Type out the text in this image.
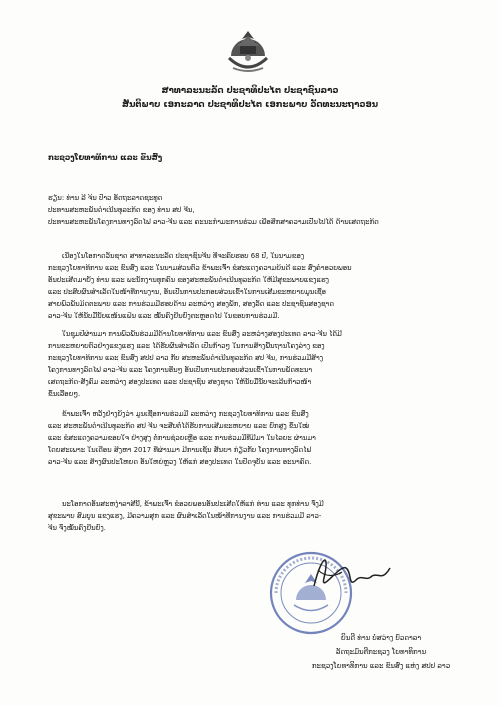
ສາທາລະນະລັດ ປະຊາທິປະໄຕ ປະຊາຊົນລາວ
ສັນຕິພາບ ເອກະລາດ ປະຊາທິປະໄຕ ເອກະພາບ ວັດທະນະຖາວອນ
ກະຊວງໂຍທາທິການ ແລະ ຂົນສົ່ງ
ຮຽນ: ທ່ານ ລີ ຈິນ ປ້າວ ອັດຖະລາດຊະທູດ
ປະທານສະຫະພັນດຳເນີນທຸລະກິດ ຂອງ ທ່ານ ສປ ຈີນ,
ປະທານສະຫະພັນໂຄງການທາງລົດໄຟ ລາວ-ຈີນ ແລະ ຄະນະກຳມະການຮ່ວມ ເພື່ອສຶກສາຄວາມເປັນໄປໄດ້ ດ້ານເສດຖະກິດ
ເນື່ອງໃນໂອກາດວັນຊາດ ສາທາລະນະລັດ ປະຊາຊົນຈີນ ທີ່ຈະຄົບຮອບ 68 ປີ, ໃນນາມຂອງ
ກະຊວງໂຍທາທິການ ແລະ ຂົນສົ່ງ ແລະ ໃນນາມສ່ວນຕົວ ຂ້າພະເຈົ້າ ຂໍສະແດງຄວາມຍິນດີ ແລະ ສົ່ງຄຳອວຍພອນ
ອັນປະເສີດມາຍັງ ທ່ານ ແລະ ພະນັກງານທຸກຄົນ ຂອງສະຫະພັນດຳເນີນທຸລະກິດ ໃຫ້ມີສຸຂະພາບແຂງແຮງ
ແລະ ປະສົບຜົນສຳເລັດໃນໜ້າທີ່ການງານ, ອັນເປັນການປະກອບສ່ວນເຂົ້າໃນການເສີມຂະຫຍາຍມູນເຊື້ອ
ສາຍພົວພັນມິດຕະພາບ ແລະ ການຮ່ວມມືຮອບດ້ານ ລະຫວ່າງ ສອງພັກ, ສອງລັດ ແລະ ປະຊາຊົນສອງຊາດ
ລາວ-ຈີນ ໃຫ້ນັບມື້ນັບແໜ້ນແຟ້ນ ແລະ ໝັ້ນຄົງຍືນຍົງຕະຫຼອດໄປ ໃນຂອບການຮ່ວມມື.
ໃນຊຸມປີຜ່ານມາ ການພົວພັນຮ່ວມມືດ້ານໂຍທາທິການ ແລະ ຂົນສົ່ງ ລະຫວ່າງສອງປະເທດ ລາວ-ຈີນ ໄດ້ມີ
ການຂະຫຍາຍຕົວຢ່າງແຂງແຮງ ແລະ ໄດ້ຮັບຜົນສຳເລັດ ເປັນກ້າວໆ ໃນການສ້າງພື້ນຖານໂຄງລ່າງ ຂອງ
ກະຊວງໂຍທາທິການ ແລະ ຂົນສົ່ງ ສປປ ລາວ ກັບ ສະຫະພັນດຳເນີນທຸລະກິດ ສປ ຈີນ, ການຮ່ວມມືສ້າງ
ໂຄງການທາງລົດໄຟ ລາວ-ຈີນ ແລະ ໂຄງການອື່ນໆ ອັນເປັນການປະກອບສ່ວນເຂົ້າໃນການພັດທະນາ
ເສດຖະກິດ-ສັງຄົມ ລະຫວ່າງ ສອງປະເທດ ແລະ ປະຊາຊົນ ສອງຊາດ ໃຫ້ນັບມື້ນັບຈະເລີນກ້າວໜ້າ
ຂຶ້ນເລື້ອຍໆ.
ຂ້າພະເຈົ້າ ຫວັງຢ່າງຍິ່ງວ່າ ມູນເຊື້ອການຮ່ວມມື ລະຫວ່າງ ກະຊວງໂຍທາທິການ ແລະ ຂົນສົ່ງ
ແລະ ສະຫະພັນດຳເນີນທຸລະກິດ ສປ ຈີນ ຈະສືບຕໍ່ໄດ້ຮັບການເສີມຂະຫຍາຍ ແລະ ຍົກສູງ ຂຶ້ນໃໝ່
ແລະ ຂໍສະແດງຄວາມຂອບໃຈ ຢ່າງສູງ ຕໍ່ການຊ່ວຍເຫຼືອ ແລະ ການຮ່ວມມືທີ່ມີມາ ໃນໄລຍະ ຜ່ານມາ
ໂດຍສະເພາະ ໃນເດືອນ ສິງຫາ 2017 ທີ່ຜ່ານມາ ມີການເຊັນ ສັນຍາ ກ່ຽວກັບ ໂຄງການທາງລົດໄຟ
ລາວ-ຈີນ ແລະ ສ້າງຜົນປະໂຫຍດ ອັນໃຫຍ່ຫຼວງ ໃຫ້ແກ່ ສອງປະເທດ ໃນປັດຈຸບັນ ແລະ ອະນາຄົດ.
ນະໂອກາດອັນສະຫງ່າລາສີນີ້, ຂ້າພະເຈົ້າ ຂໍອວຍພອນອັນປະເສີດໃຫ້ແກ່ ທ່ານ ແລະ ທຸກທ່ານ ຈົ່ງມີ
ສຸຂະພາບ ສົມບູນ ແຂງແຮງ, ມີຄວາມສຸກ ແລະ ຜົນສຳເລັດໃນໜ້າທີ່ການງານ ແລະ ການຮ່ວມມື ລາວ-
ຈີນ ຈົ່ງໝັ້ນຄົງຍືນຍົງ.
ຍິນດີ ທ່ານ ບໍ່ສວ່າງ ບົວດາລາ
ລັດຖະມົນຕີກະຊວງ ໂຍທາທິການ
ກະຊວງໂຍທາທິການ ແລະ ຂົນສົ່ງ ແຫ່ງ ສປປ ລາວ
